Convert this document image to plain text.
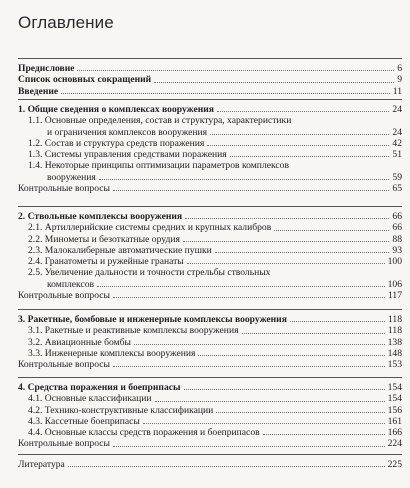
Оглавление
Предисловие	6
Список основных сокращений	9
Введение	11
1. Общие сведения о комплексах вооружения	24
1.1. Основные определения, состав и структура, характеристики
и ограничения комплексов вооружения	24
1.2. Состав и структура средств поражения	42
1.3. Системы управления средствами поражения	51
1.4. Некоторые принципы оптимизации параметров комплексов
вооружения	59
Контрольные вопросы	65
2. Ствольные комплексы вооружения	66
2.1. Артиллерийские системы средних и крупных калибров	66
2.2. Минометы и безоткатные орудия	88
2.3. Малокалиберные автоматические пушки	93
2.4. Гранатометы и ружейные гранаты	100
2.5. Увеличение дальности и точности стрельбы ствольных
комплексов	106
Контрольные вопросы	117
3. Ракетные, бомбовые и инженерные комплексы вооружения	118
3.1. Ракетные и реактивные комплексы вооружения	118
3.2. Авиационные бомбы	138
3.3. Инженерные комплексы вооружения	148
Контрольные вопросы	153
4. Средства поражения и боеприпасы	154
4.1. Основные классификации	154
4.2. Технико-конструктивные классификации	156
4.3. Кассетные боеприпасы	161
4.4. Основные классы средств поражения и боеприпасов	166
Контрольные вопросы	224
Литература	225
